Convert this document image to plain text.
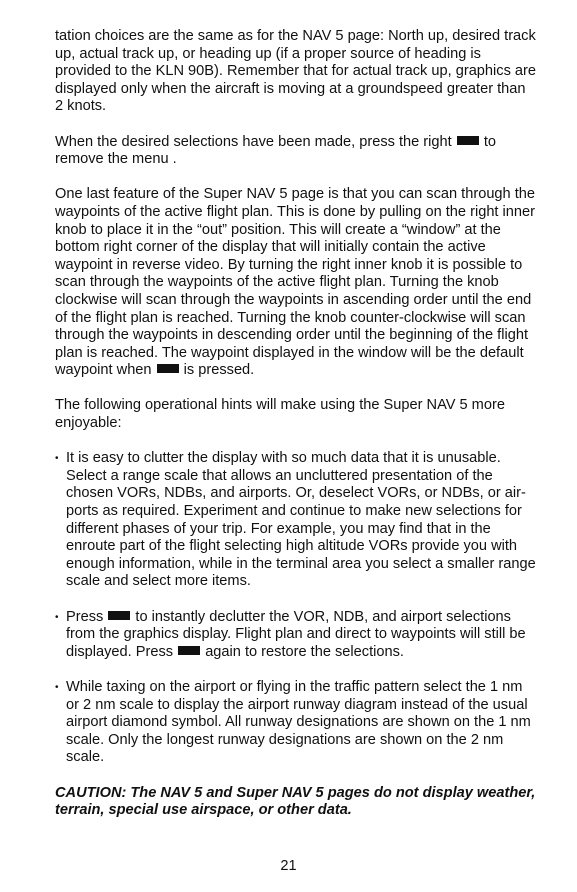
tation choices are the same as for the NAV 5 page: North up, desired track up, actual track up, or heading up (if a proper source of heading is provided to the KLN 90B). Remember that for actual track up, graphics are displayed only when the aircraft is moving at a groundspeed greater than 2 knots.

When the desired selections have been made, press the right  to remove the menu .

One last feature of the Super NAV 5 page is that you can scan through the waypoints of the active flight plan. This is done by pulling on the right inner knob to place it in the “out” position. This will create a “window” at the bottom right corner of the display that will initially contain the active waypoint in reverse video. By turning the right inner knob it is possible to scan through the waypoints of the active flight plan. Turning the knob clockwise will scan through the waypoints in ascending order until the end of the flight plan is reached. Turning the knob counter-clockwise will scan through the waypoints in descending order until the beginning of the flight plan is reached. The waypoint displayed in the window will be the default waypoint when  is pressed.

The following operational hints will make using the Super NAV 5 more enjoyable:

• It is easy to clutter the display with so much data that it is unusable. Select a range scale that allows an uncluttered presentation of the chosen VORs, NDBs, and airports. Or, deselect VORs, or NDBs, or air-ports as required. Experiment and continue to make new selections for different phases of your trip. For example, you may find that in the enroute part of the flight selecting high altitude VORs provide you with enough information, while in the terminal area you select a smaller range scale and select more items.
• Press  to instantly declutter the VOR, NDB, and airport selections from the graphics display. Flight plan and direct to waypoints will still be displayed. Press  again to restore the selections.
• While taxing on the airport or flying in the traffic pattern select the 1 nm or 2 nm scale to display the airport runway diagram instead of the usual airport diamond symbol. All runway designations are shown on the 1 nm scale. Only the longest runway designations are shown on the 2 nm scale.

CAUTION: The NAV 5 and Super NAV 5 pages do not display weather, terrain, special use airspace, or other data.

21
